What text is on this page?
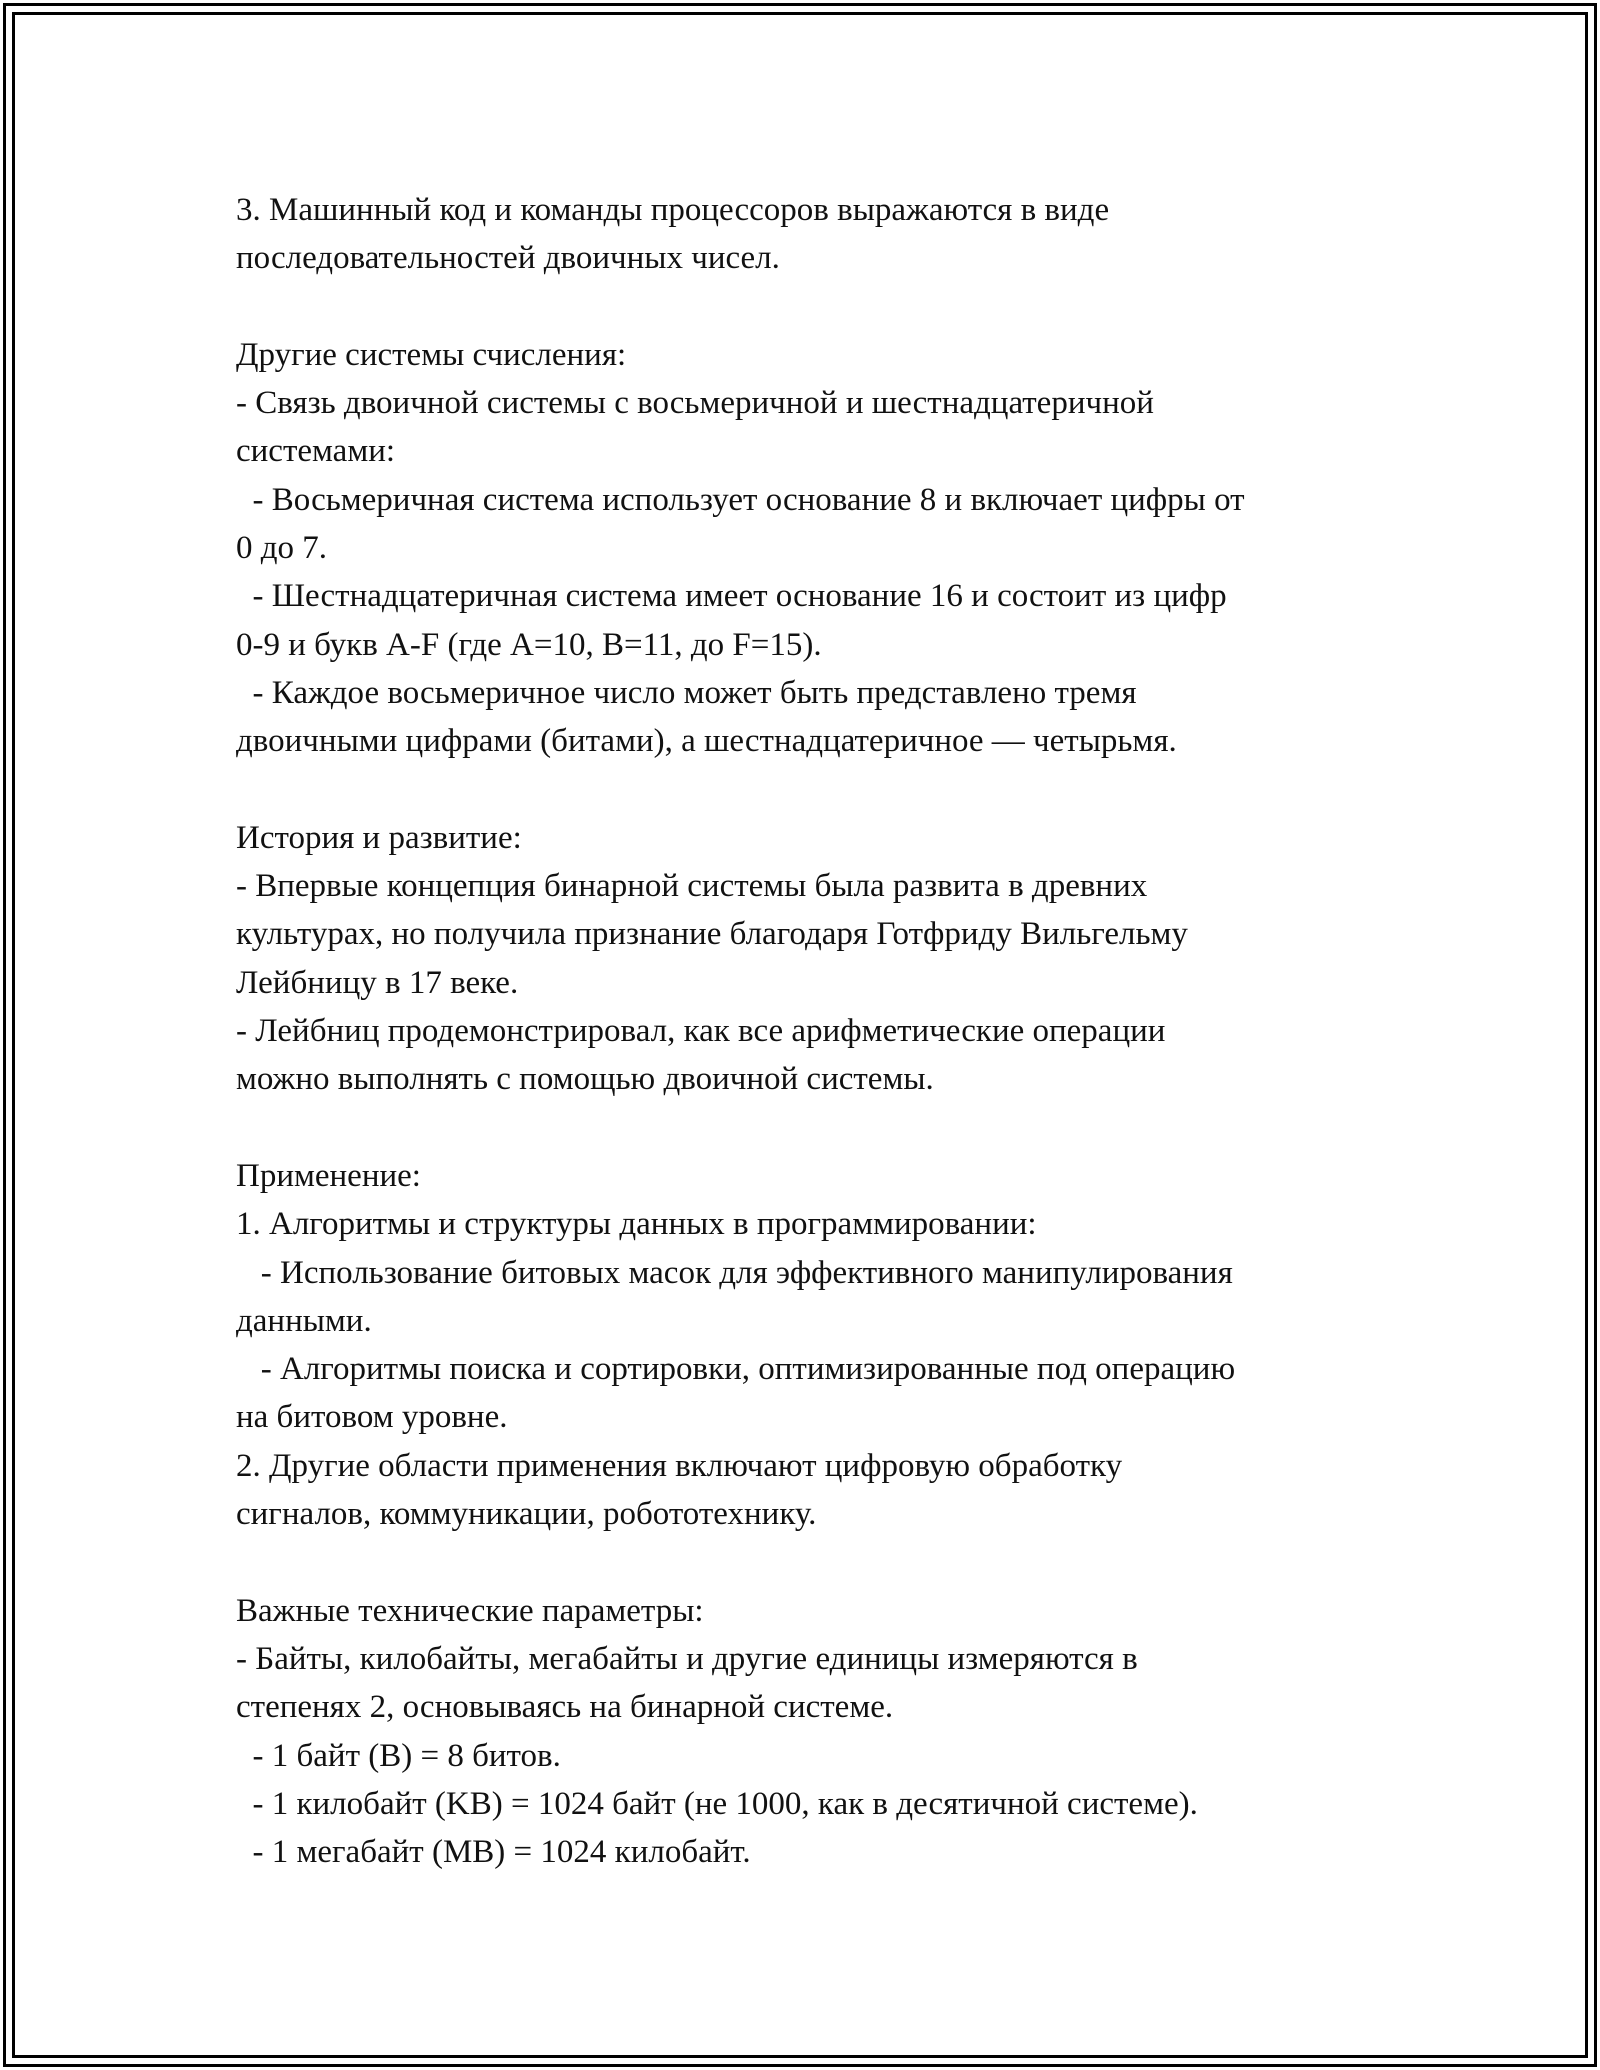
3. Машинный код и команды процессоров выражаются в виде

последовательностей двоичных чисел.

Другие системы счисления:

- Связь двоичной системы с восьмеричной и шестнадцатеричной

системами:

- Восьмеричная система использует основание 8 и включает цифры от

0 до 7.

- Шестнадцатеричная система имеет основание 16 и состоит из цифр

0-9 и букв A-F (где A=10, B=11, до F=15).

- Каждое восьмеричное число может быть представлено тремя

двоичными цифрами (битами), а шестнадцатеричное — четырьмя.

История и развитие:

- Впервые концепция бинарной системы была развита в древних

культурах, но получила признание благодаря Готфриду Вильгельму

Лейбницу в 17 веке.

- Лейбниц продемонстрировал, как все арифметические операции

можно выполнять с помощью двоичной системы.

Применение:

1. Алгоритмы и структуры данных в программировании:

- Использование битовых масок для эффективного манипулирования

данными.

- Алгоритмы поиска и сортировки, оптимизированные под операцию

на битовом уровне.

2. Другие области применения включают цифровую обработку

сигналов, коммуникации, робототехнику.

Важные технические параметры:

- Байты, килобайты, мегабайты и другие единицы измеряются в

степенях 2, основываясь на бинарной системе.

- 1 байт (B) = 8 битов.

- 1 килобайт (KB) = 1024 байт (не 1000, как в десятичной системе).

- 1 мегабайт (MB) = 1024 килобайт.
